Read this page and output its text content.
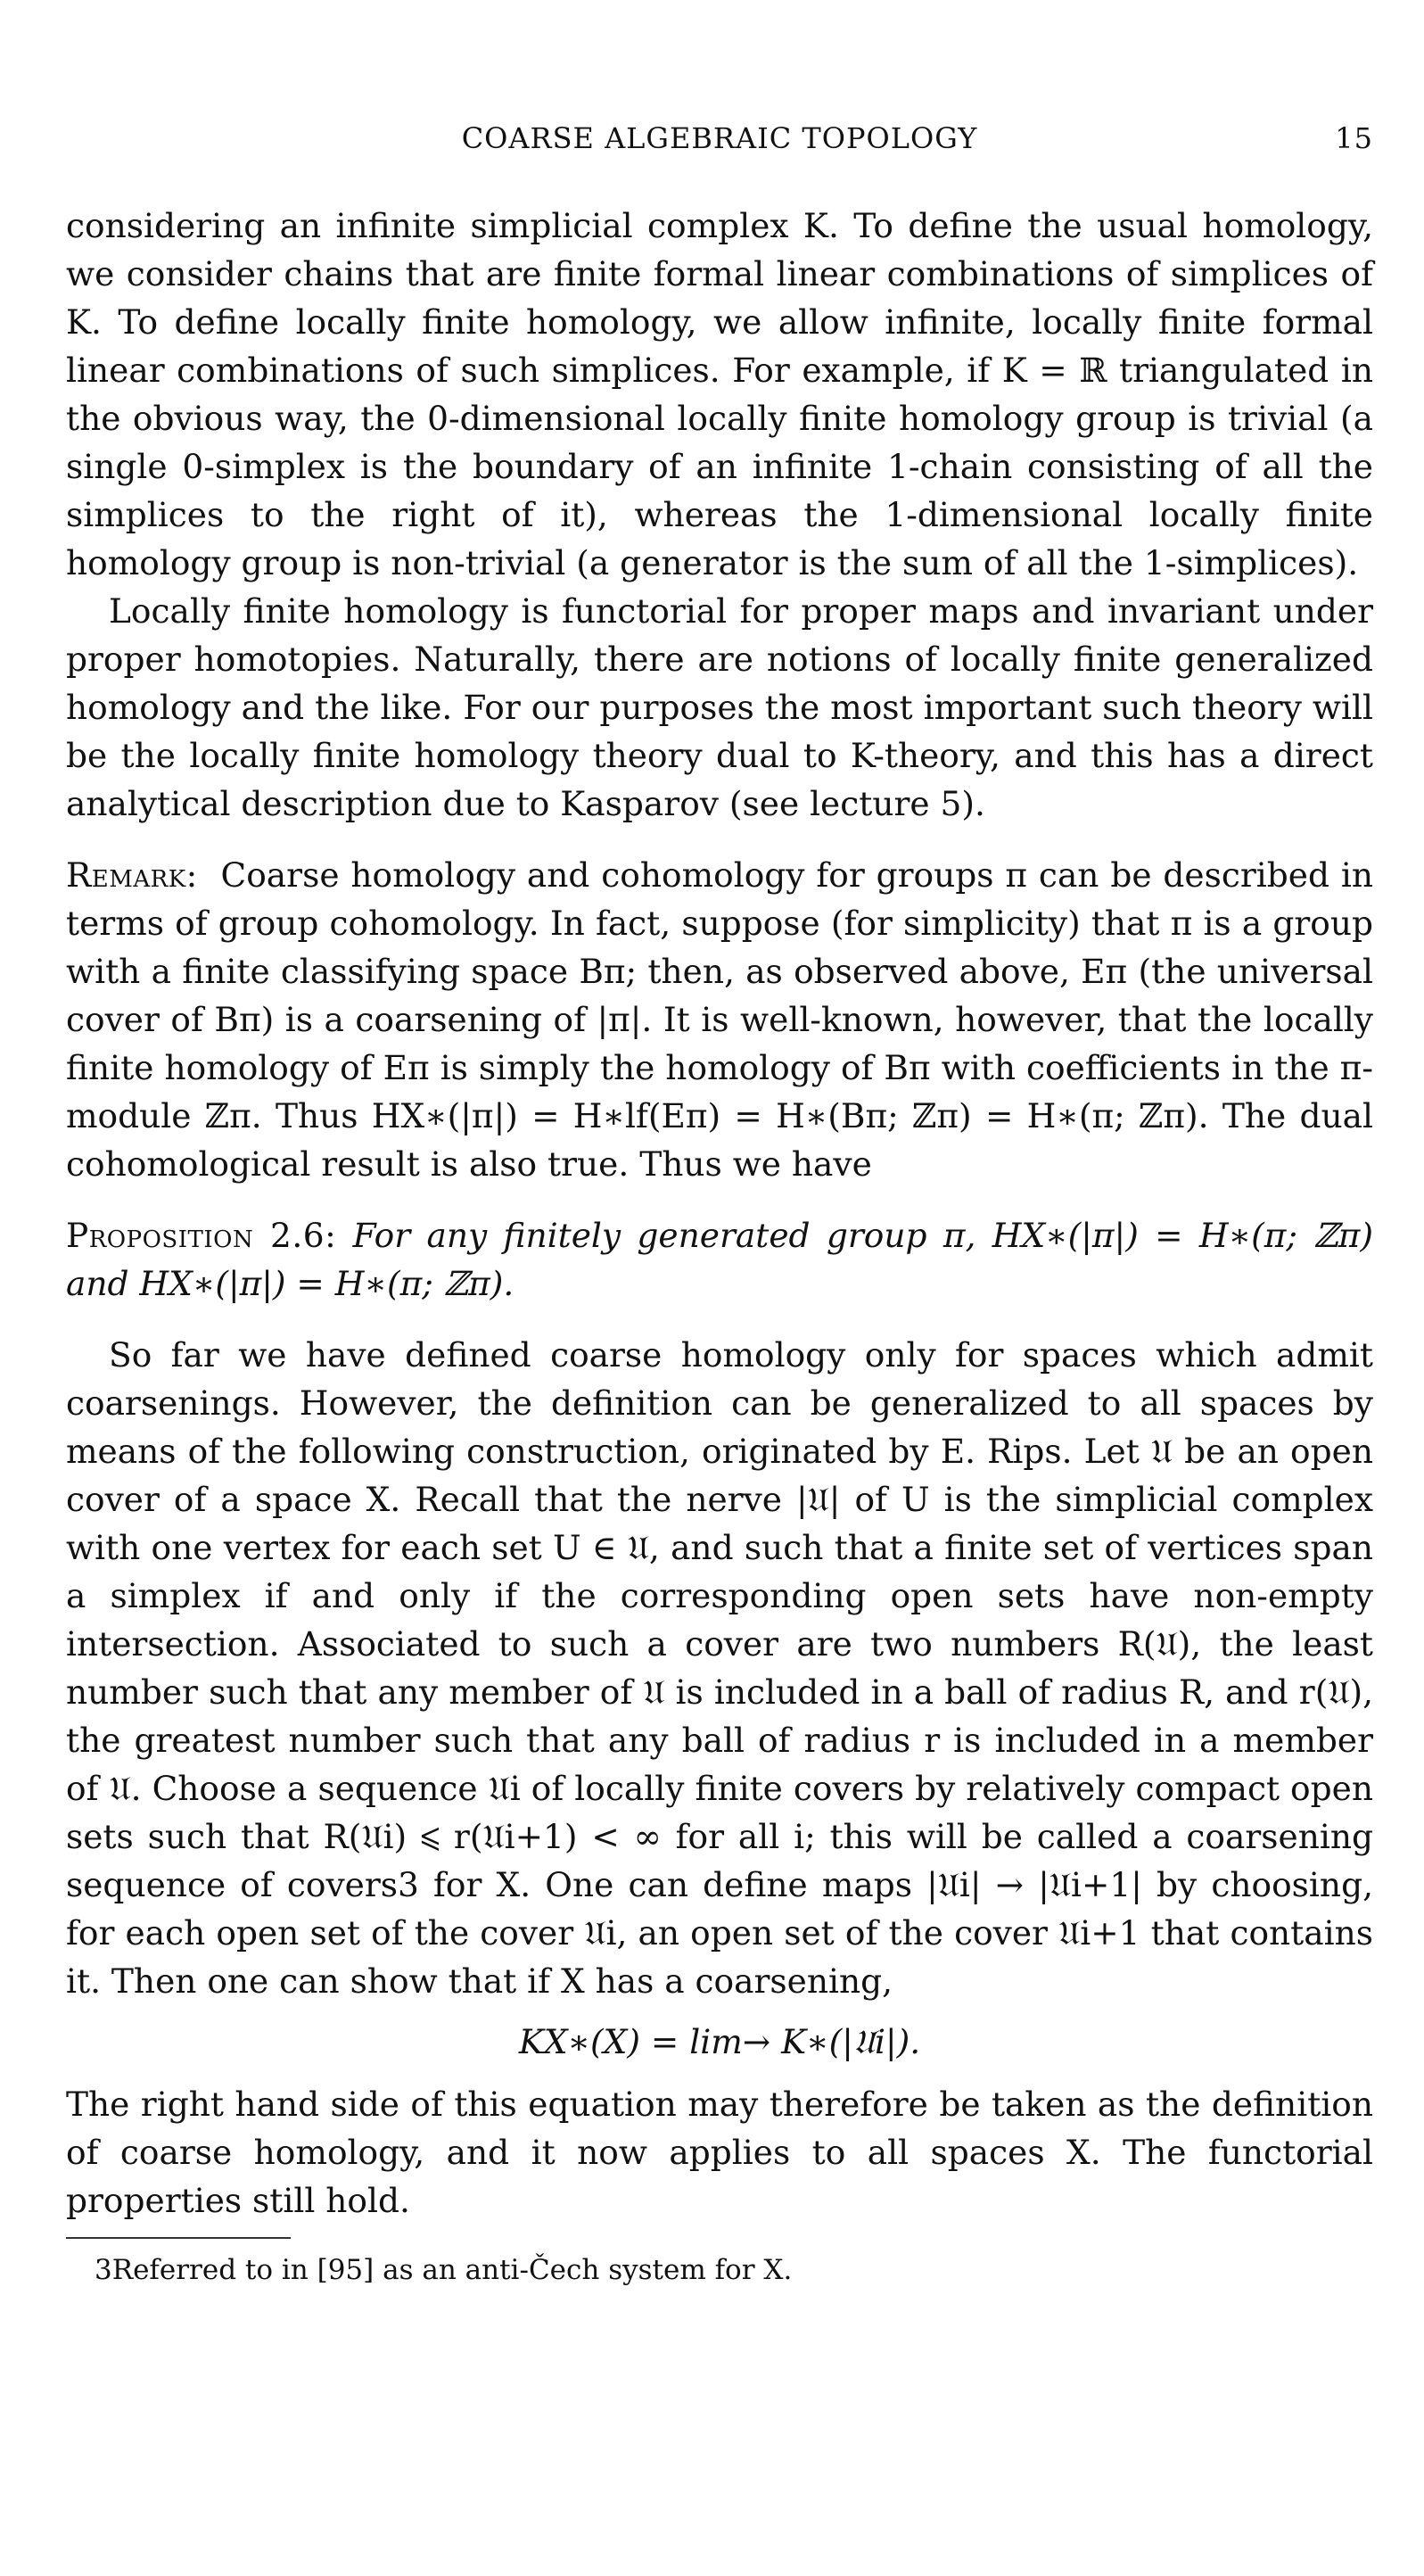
COARSE ALGEBRAIC TOPOLOGY	15

considering an infinite simplicial complex K. To define the usual homology, we consider chains that are finite formal linear combinations of simplices of K. To define locally finite homology, we allow infinite, locally finite formal linear combinations of such simplices. For example, if K = ℝ triangulated in the obvious way, the 0-dimensional locally finite homology group is trivial (a single 0-simplex is the boundary of an infinite 1-chain consisting of all the simplices to the right of it), whereas the 1-dimensional locally finite homology group is non-trivial (a generator is the sum of all the 1-simplices).

Locally finite homology is functorial for proper maps and invariant under proper homotopies. Naturally, there are notions of locally finite generalized homology and the like. For our purposes the most important such theory will be the locally finite homology theory dual to K-theory, and this has a direct analytical description due to Kasparov (see lecture 5).

Remark: Coarse homology and cohomology for groups π can be described in terms of group cohomology. In fact, suppose (for simplicity) that π is a group with a finite classifying space Bπ; then, as observed above, Eπ (the universal cover of Bπ) is a coarsening of |π|. It is well-known, however, that the locally finite homology of Eπ is simply the homology of Bπ with coefficients in the π-module ℤπ. Thus HX∗(|π|) = H∗lf(Eπ) = H∗(Bπ; ℤπ) = H∗(π; ℤπ). The dual cohomological result is also true. Thus we have

Proposition 2.6: For any finitely generated group π, HX∗(|π|) = H∗(π; ℤπ) and HX∗(|π|) = H∗(π; ℤπ).

So far we have defined coarse homology only for spaces which admit coarsenings. However, the definition can be generalized to all spaces by means of the following construction, originated by E. Rips. Let 𝔘 be an open cover of a space X. Recall that the nerve |𝔘| of U is the simplicial complex with one vertex for each set U ∈ 𝔘, and such that a finite set of vertices span a simplex if and only if the corresponding open sets have non-empty intersection. Associated to such a cover are two numbers R(𝔘), the least number such that any member of 𝔘 is included in a ball of radius R, and r(𝔘), the greatest number such that any ball of radius r is included in a member of 𝔘. Choose a sequence 𝔘i of locally finite covers by relatively compact open sets such that R(𝔘i) ⩽ r(𝔘i+1) < ∞ for all i; this will be called a coarsening sequence of covers3 for X. One can define maps |𝔘i| → |𝔘i+1| by choosing, for each open set of the cover 𝔘i, an open set of the cover 𝔘i+1 that contains it. Then one can show that if X has a coarsening,

KX∗(X) = lim→ K∗(|𝔘i|).

The right hand side of this equation may therefore be taken as the definition of coarse homology, and it now applies to all spaces X. The functorial properties still hold.

3Referred to in [95] as an anti-Čech system for X.
